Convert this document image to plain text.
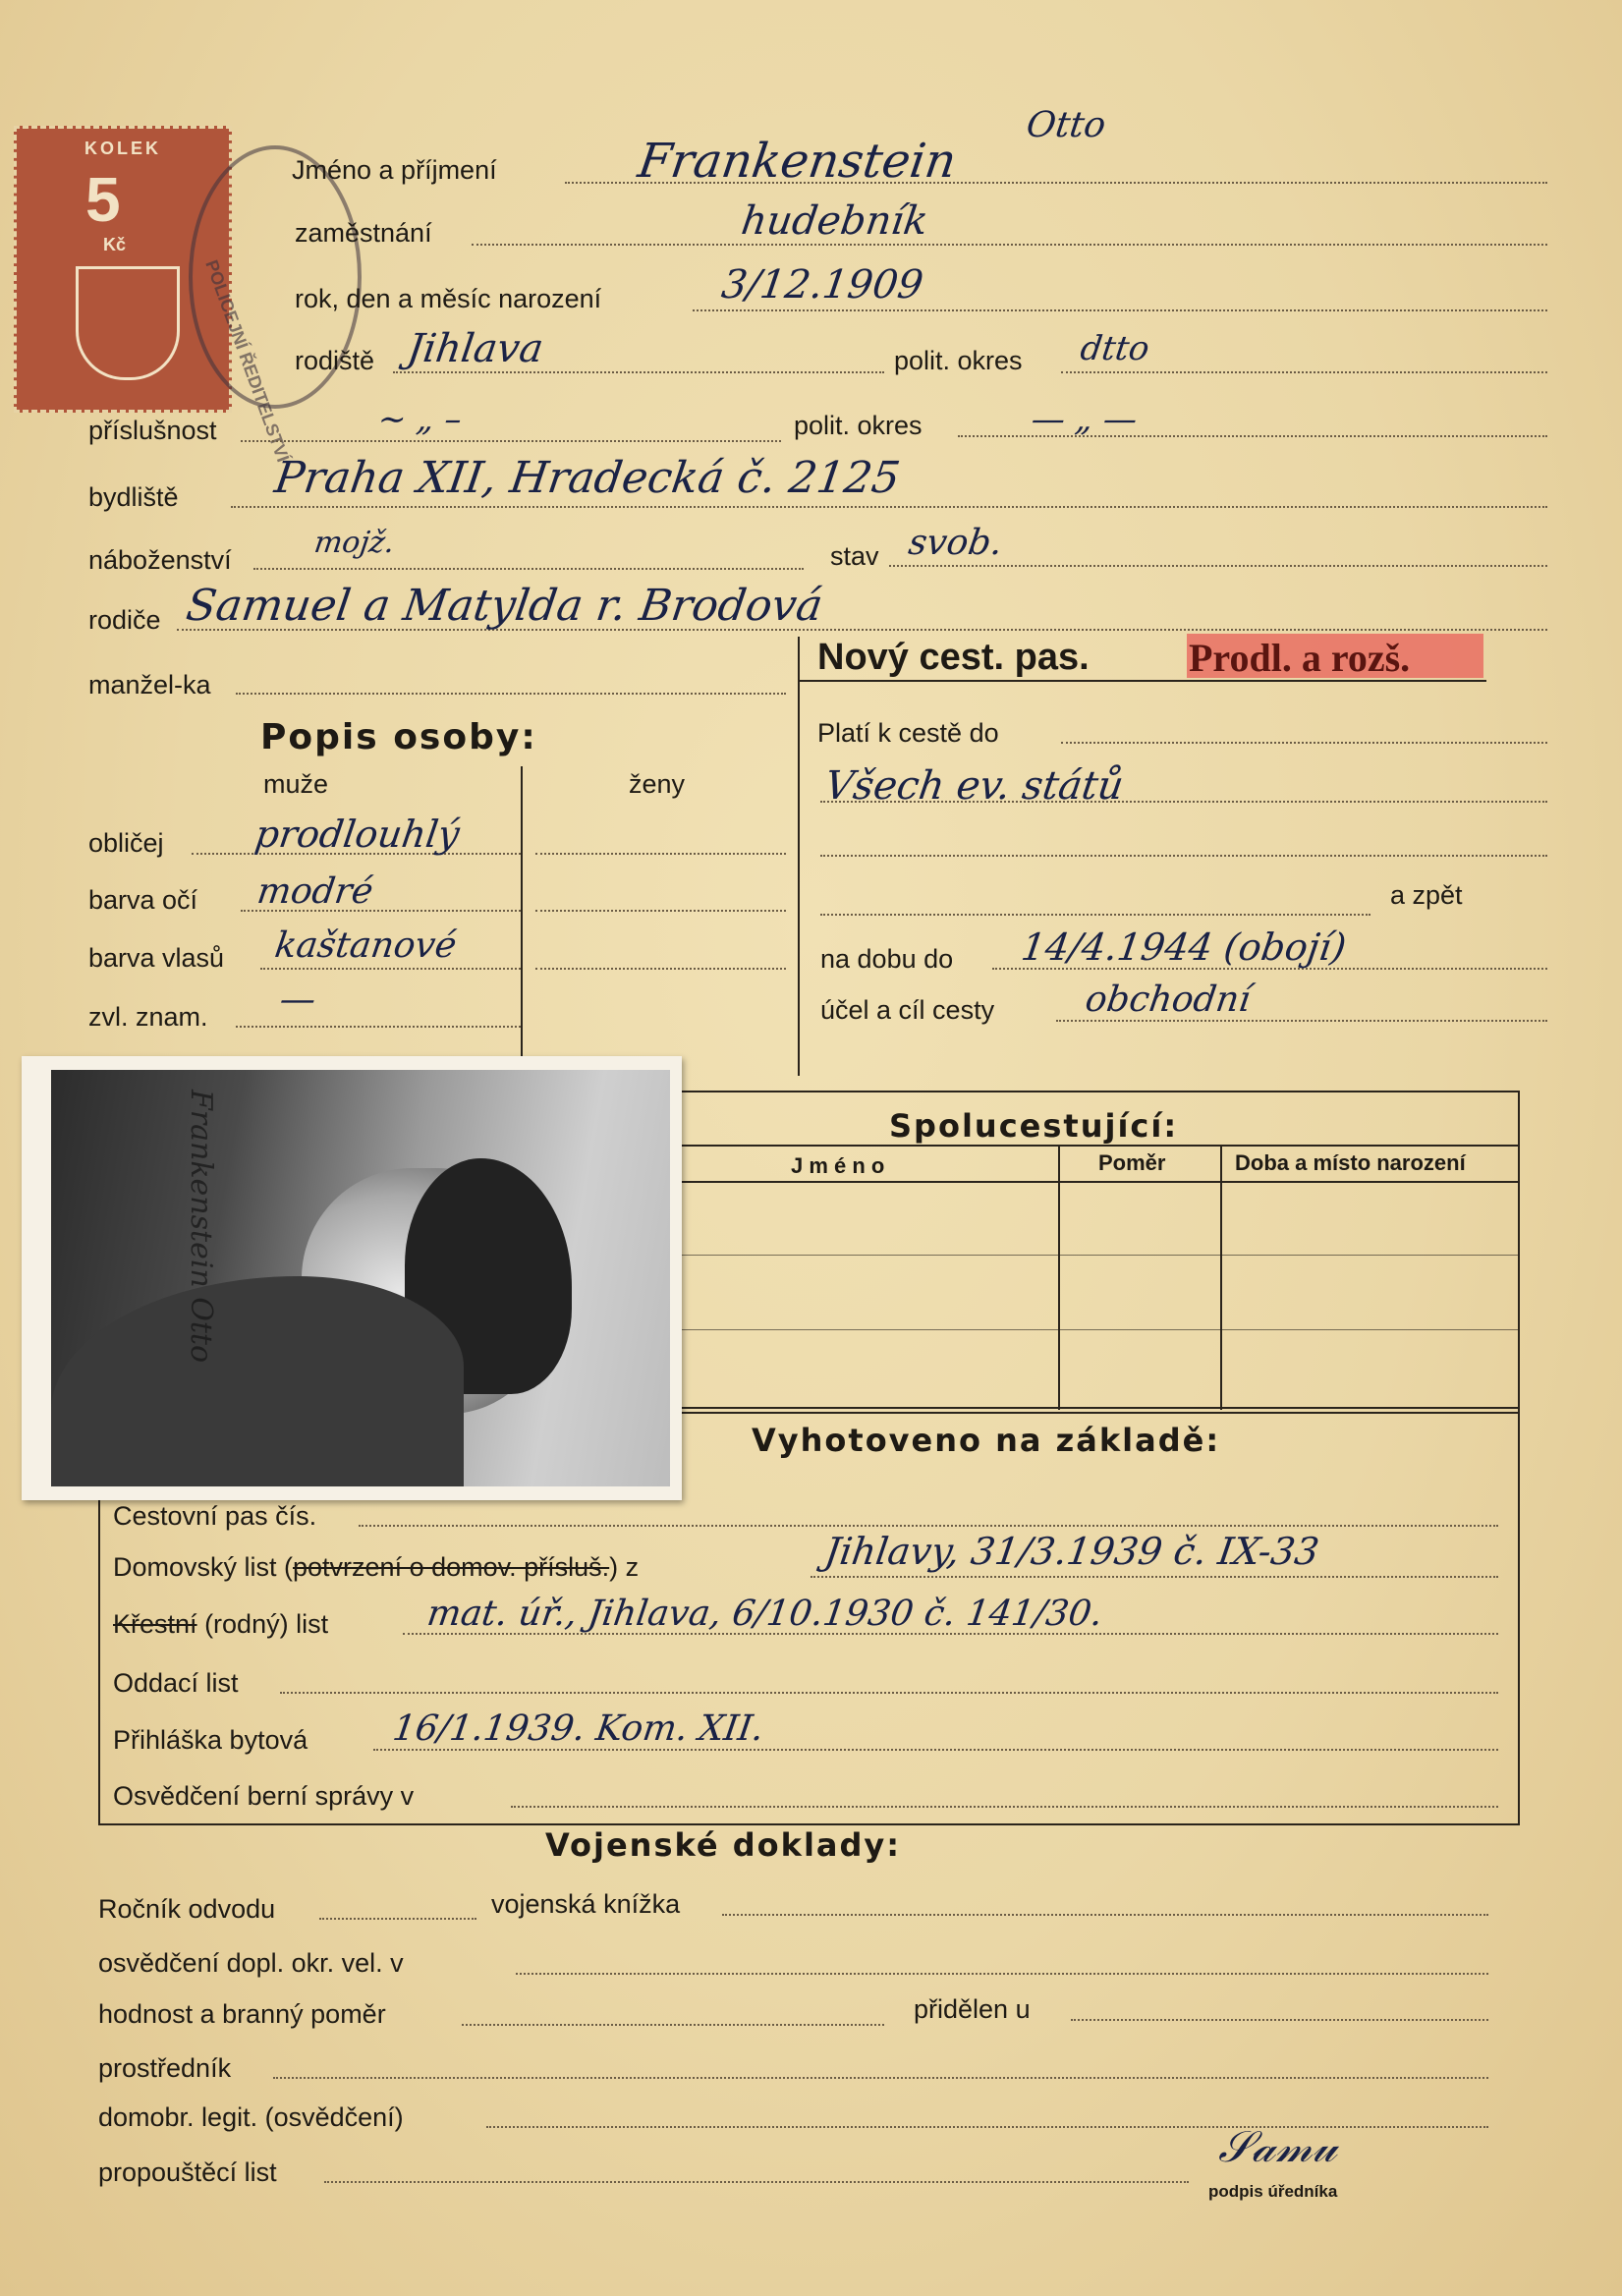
KOLEK
5
Kč
POLICEJNÍ ŘEDITELSTVÍ
Jméno a příjmení	Frankenstein
Otto
zaměstnání	hudebník
rok, den a měsíc narození	3/12.1909
rodiště Jihlava	polit. okres dtto
příslušnost	~ „ –	polit. okres	— „ —
bydliště Praha XII, Hradecká č. 2125
náboženství	mojž.	stav svob.
rodiče Samuel a Matylda r. Brodová
manžel-ka
Nový cest. pas.	Prodl. a rozš.
Platí k cestě do
Všech ev. států
a zpět
na dobu do 14/4.1944 (obojí)
účel a cíl cesty	obchodní
Popis osoby:
muže	ženy
obličej prodlouhlý
barva očí modré
barva vlasů kaštanové
zvl. znam. —
Spolucestující:
J m é n o	Poměr	Doba a místo narození
Vyhotoveno na základě:
Cestovní pas čís.
Domovský list (potvrzení o domov. přísluš.) z	Jihlavy, 31/3.1939 č. IX-33
Křestní (rodný) list	mat. úř., Jihlava, 6/10.1930 č. 141/30.
Oddací list
Přihláška bytová 16/1.1939. Kom. XII.
Osvědčení berní správy v
Frankenstein Otto
Vojenské doklady:
Ročník odvodu	vojenská knížka
osvědčení dopl. okr. vel. v
hodnost a branný poměr	přidělen u
prostředník
domobr. legit. (osvědčení)
propouštěcí list	𝒮𝒶𝓂𝓊
podpis úředníka
